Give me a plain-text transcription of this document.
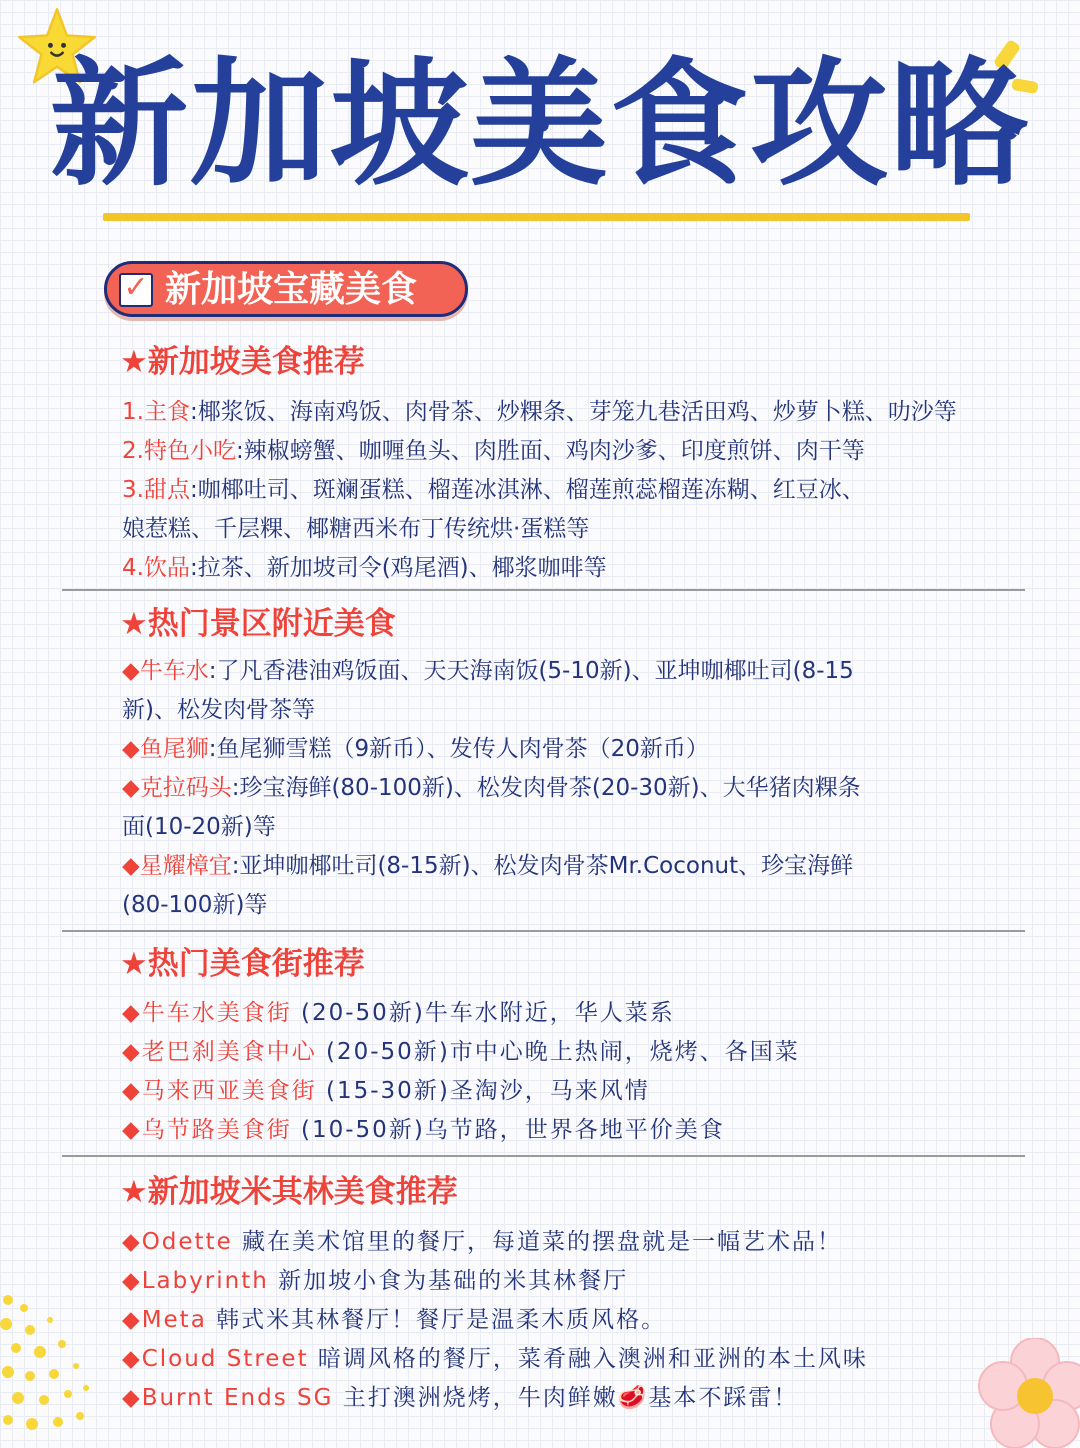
新加坡美食攻略
✓ 新加坡宝藏美食
★新加坡美食推荐
1.主食:椰浆饭、海南鸡饭、肉骨茶、炒粿条、芽笼九巷活田鸡、炒萝卜糕、叻沙等
2.特色小吃:辣椒螃蟹、咖喱鱼头、肉胜面、鸡肉沙爹、印度煎饼、肉干等
3.甜点:咖椰吐司、斑斓蛋糕、榴莲冰淇淋、榴莲煎蕊榴莲冻糊、红豆冰、
娘惹糕、千层粿、椰糖西米布丁传统烘·蛋糕等
4.饮品:拉茶、新加坡司令(鸡尾酒)、椰浆咖啡等
★热门景区附近美食
◆牛车水:了凡香港油鸡饭面、天天海南饭(5-10新)、亚坤咖椰吐司(8-15
新)、松发肉骨茶等
◆鱼尾狮:鱼尾狮雪糕（9新币）、发传人肉骨茶（20新币）
◆克拉码头:珍宝海鲜(80-100新)、松发肉骨茶(20-30新)、大华猪肉粿条
面(10-20新)等
◆星耀樟宜:亚坤咖椰吐司(8-15新)、松发肉骨茶Mr.Coconut、珍宝海鲜
(80-100新)等
★热门美食街推荐
◆牛车水美食街 (20-50新)牛车水附近，华人菜系
◆老巴刹美食中心 (20-50新)市中心晚上热闹，烧烤、各国菜
◆马来西亚美食街 (15-30新)圣淘沙，马来风情
◆乌节路美食街 (10-50新)乌节路，世界各地平价美食
★新加坡米其林美食推荐
◆Odette 藏在美术馆里的餐厅，每道菜的摆盘就是一幅艺术品！
◆Labyrinth 新加坡小食为基础的米其林餐厅
◆Meta 韩式米其林餐厅！餐厅是温柔木质风格。
◆Cloud Street 暗调风格的餐厅，菜肴融入澳洲和亚洲的本土风味
◆Burnt Ends SG 主打澳洲烧烤，牛肉鲜嫩🥩基本不踩雷！
